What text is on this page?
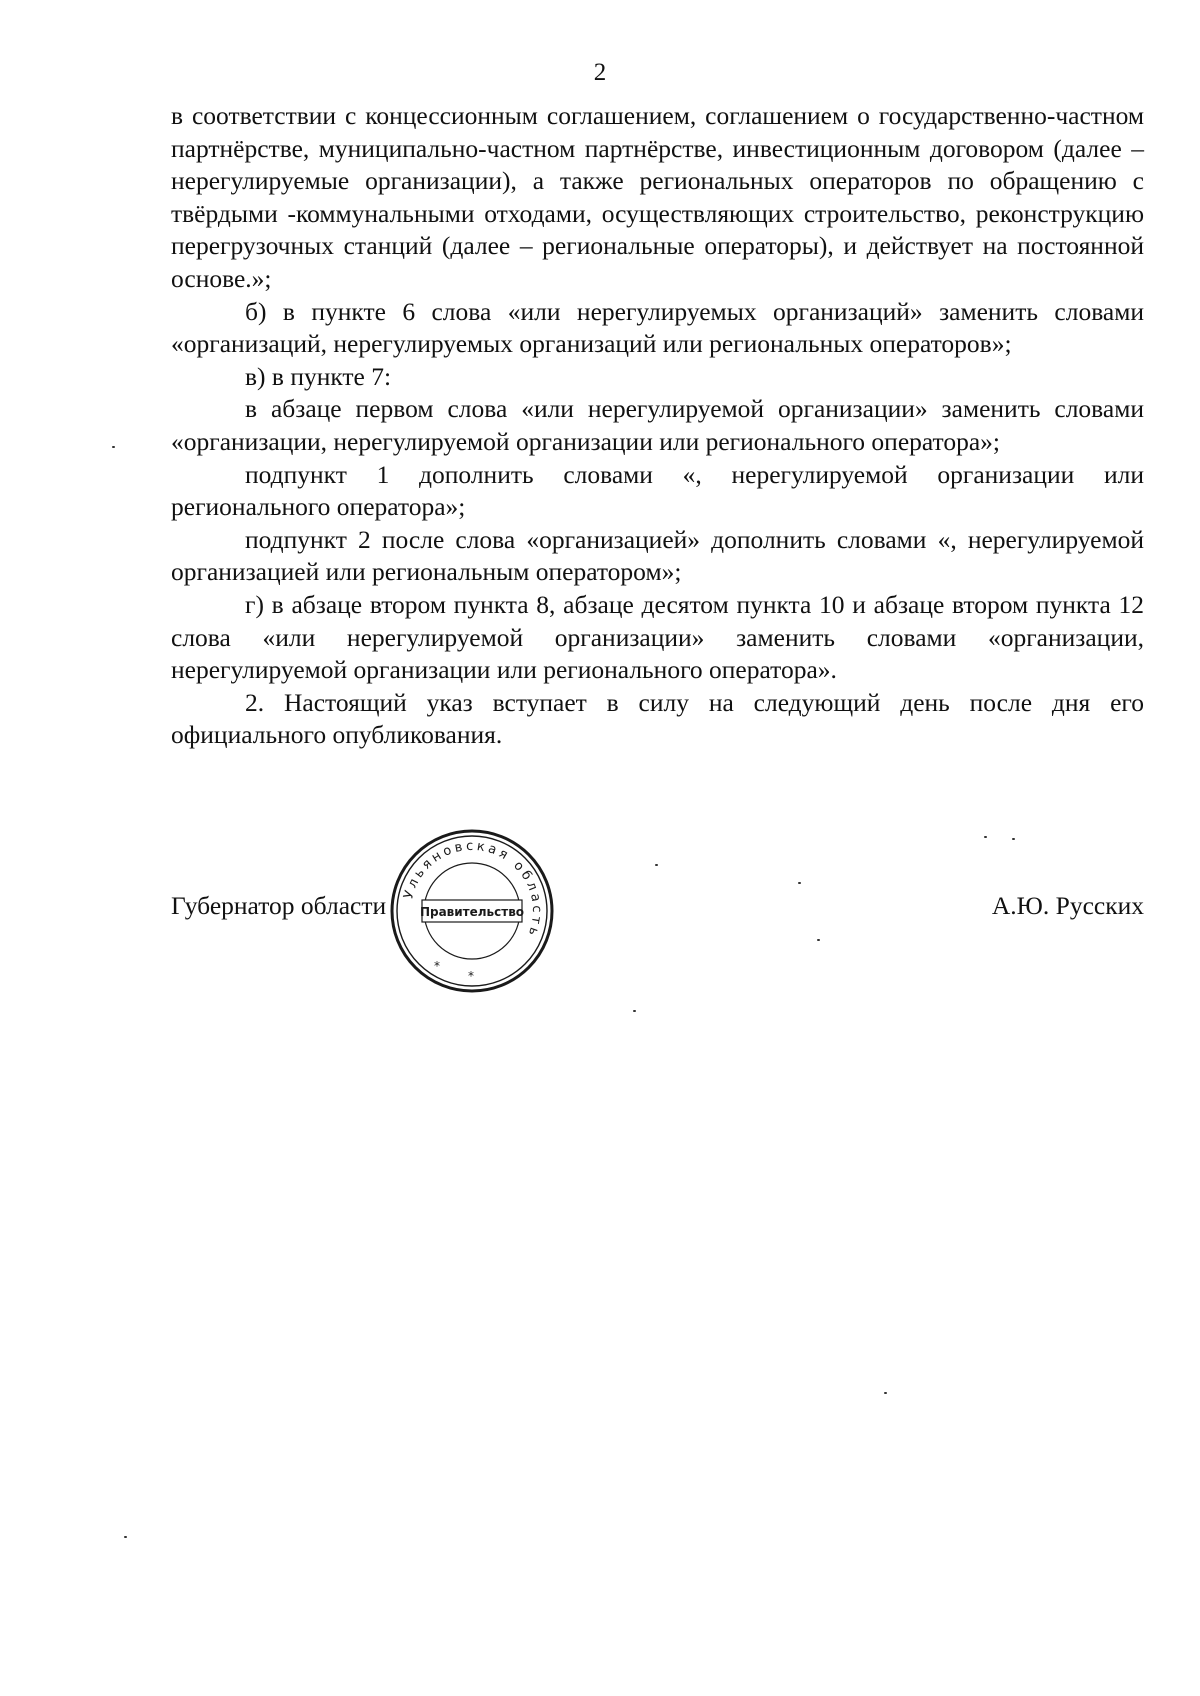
2

в соответствии с концессионным соглашением, соглашением о государственно-частном партнёрстве, муниципально-частном партнёрстве, инвестиционным договором (далее – нерегулируемые организации), а также региональных операторов по обращению с твёрдыми -коммунальными отходами, осуществляющих строительство, реконструкцию перегрузочных станций (далее – региональные операторы), и действует на постоянной основе.»;

б) в пункте 6 слова «или нерегулируемых организаций» заменить словами «организаций, нерегулируемых организаций или региональных операторов»;

в) в пункте 7:

в абзаце первом слова «или нерегулируемой организации» заменить словами «организации, нерегулируемой организации или регионального оператора»;

подпункт 1 дополнить словами «, нерегулируемой организации или регионального оператора»;

подпункт 2 после слова «организацией» дополнить словами «, нерегулируемой организацией или региональным оператором»;

г) в абзаце втором пункта 8, абзаце десятом пункта 10 и абзаце втором пункта 12 слова «или нерегулируемой организации» заменить словами «организации, нерегулируемой организации или регионального оператора».

2. Настоящий указ вступает в силу на следующий день после дня его официального опубликования.

Губернатор области	А.Ю. Русских
Ульяновская область
Правительство
*
*
